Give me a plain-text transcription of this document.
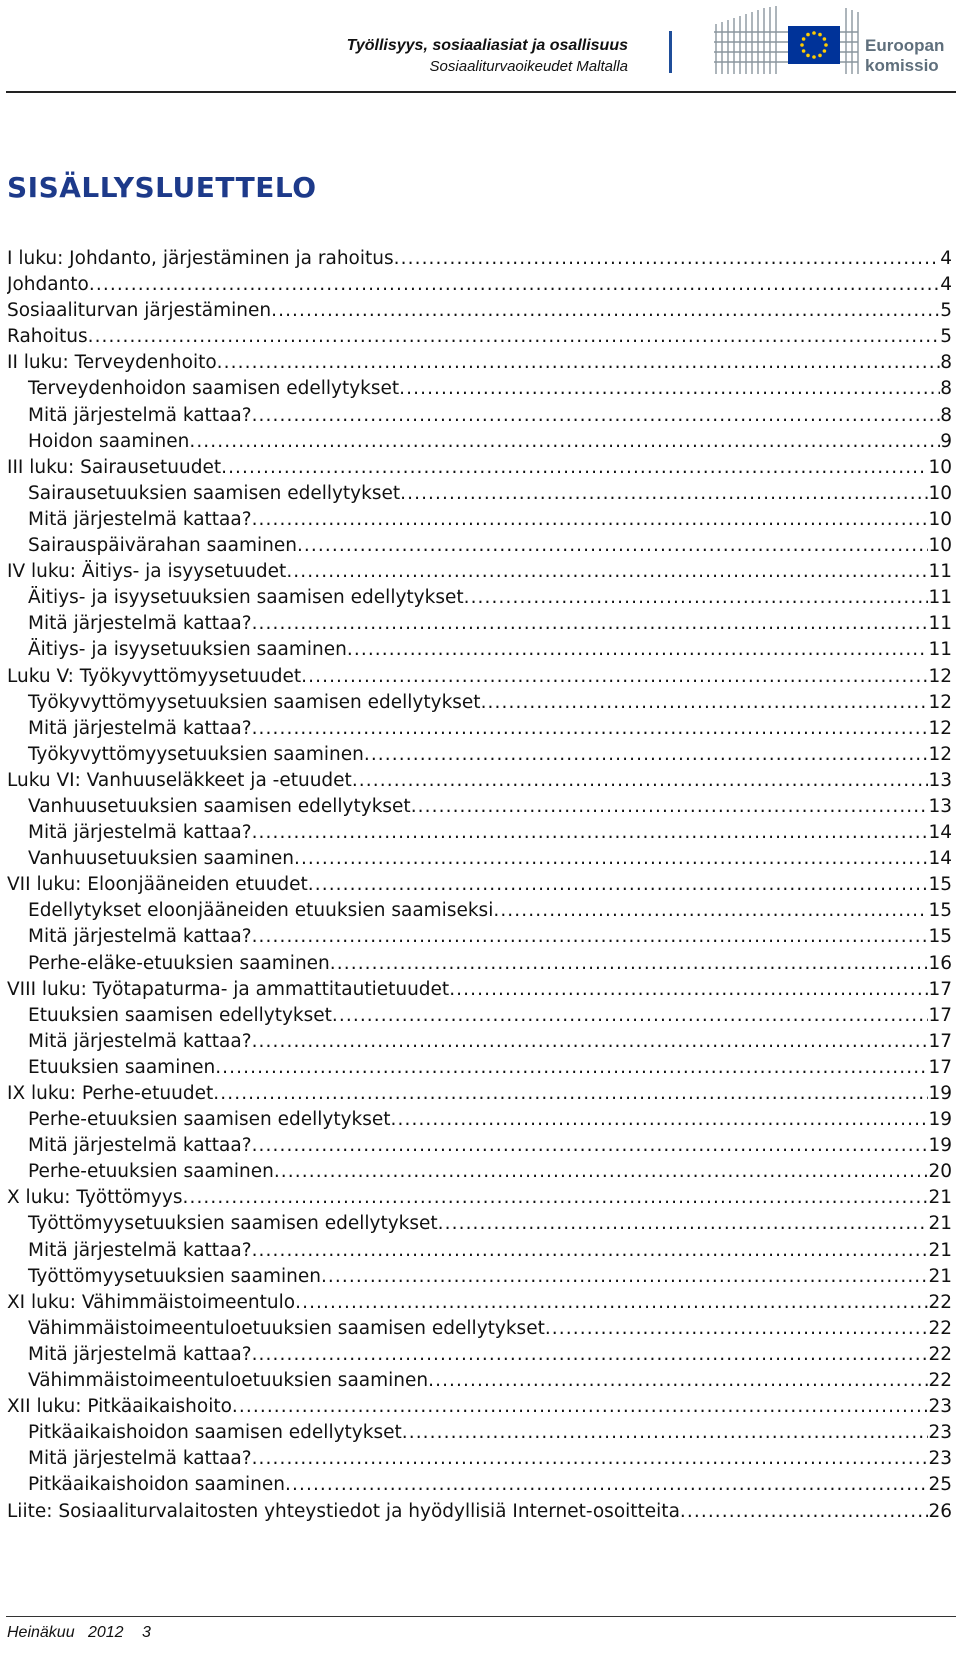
Työllisyys, sosiaaliasiat ja osallisuus
Sosiaaliturvaoikeudet Maltalla
Euroopan
komissio
SISÄLLYSLUETTELO
I luku: Johdanto, järjestäminen ja rahoitus .....	4
Johdanto .....	4
Sosiaaliturvan järjestäminen .....	5
Rahoitus .....	5
II luku: Terveydenhoito .....	8
Terveydenhoidon saamisen edellytykset .....	8
Mitä järjestelmä kattaa? .....	8
Hoidon saaminen .....	9
III luku: Sairausetuudet .....	10
Sairausetuuksien saamisen edellytykset .....	10
Mitä järjestelmä kattaa? .....	10
Sairauspäivärahan saaminen .....	10
IV luku: Äitiys- ja isyysetuudet .....	11
Äitiys- ja isyysetuuksien saamisen edellytykset .....	11
Mitä järjestelmä kattaa? .....	11
Äitiys- ja isyysetuuksien saaminen .....	11
Luku V: Työkyvyttömyysetuudet .....	12
Työkyvyttömyysetuuksien saamisen edellytykset .....	12
Mitä järjestelmä kattaa? .....	12
Työkyvyttömyysetuuksien saaminen .....	12
Luku VI: Vanhuuseläkkeet ja -etuudet .....	13
Vanhuusetuuksien saamisen edellytykset .....	13
Mitä järjestelmä kattaa? .....	14
Vanhuusetuuksien saaminen .....	14
VII luku: Eloonjääneiden etuudet .....	15
Edellytykset eloonjääneiden etuuksien saamiseksi .....	15
Mitä järjestelmä kattaa? .....	15
Perhe-eläke-etuuksien saaminen .....	16
VIII luku: Työtapaturma- ja ammattitautietuudet .....	17
Etuuksien saamisen edellytykset .....	17
Mitä järjestelmä kattaa? .....	17
Etuuksien saaminen .....	17
IX luku: Perhe-etuudet .....	19
Perhe-etuuksien saamisen edellytykset .....	19
Mitä järjestelmä kattaa? .....	19
Perhe-etuuksien saaminen .....	20
X luku: Työttömyys .....	21
Työttömyysetuuksien saamisen edellytykset .....	21
Mitä järjestelmä kattaa? .....	21
Työttömyysetuuksien saaminen .....	21
XI luku: Vähimmäistoimeentulo .....	22
Vähimmäistoimeentuloetuuksien saamisen edellytykset .....	22
Mitä järjestelmä kattaa? .....	22
Vähimmäistoimeentuloetuuksien saaminen .....	22
XII luku: Pitkäaikaishoito .....	23
Pitkäaikaishoidon saamisen edellytykset .....	23
Mitä järjestelmä kattaa? .....	23
Pitkäaikaishoidon saaminen .....	25
Liite: Sosiaaliturvalaitosten yhteystiedot ja hyödyllisiä Internet-osoitteita .....	26
Heinäkuu   2012 3
